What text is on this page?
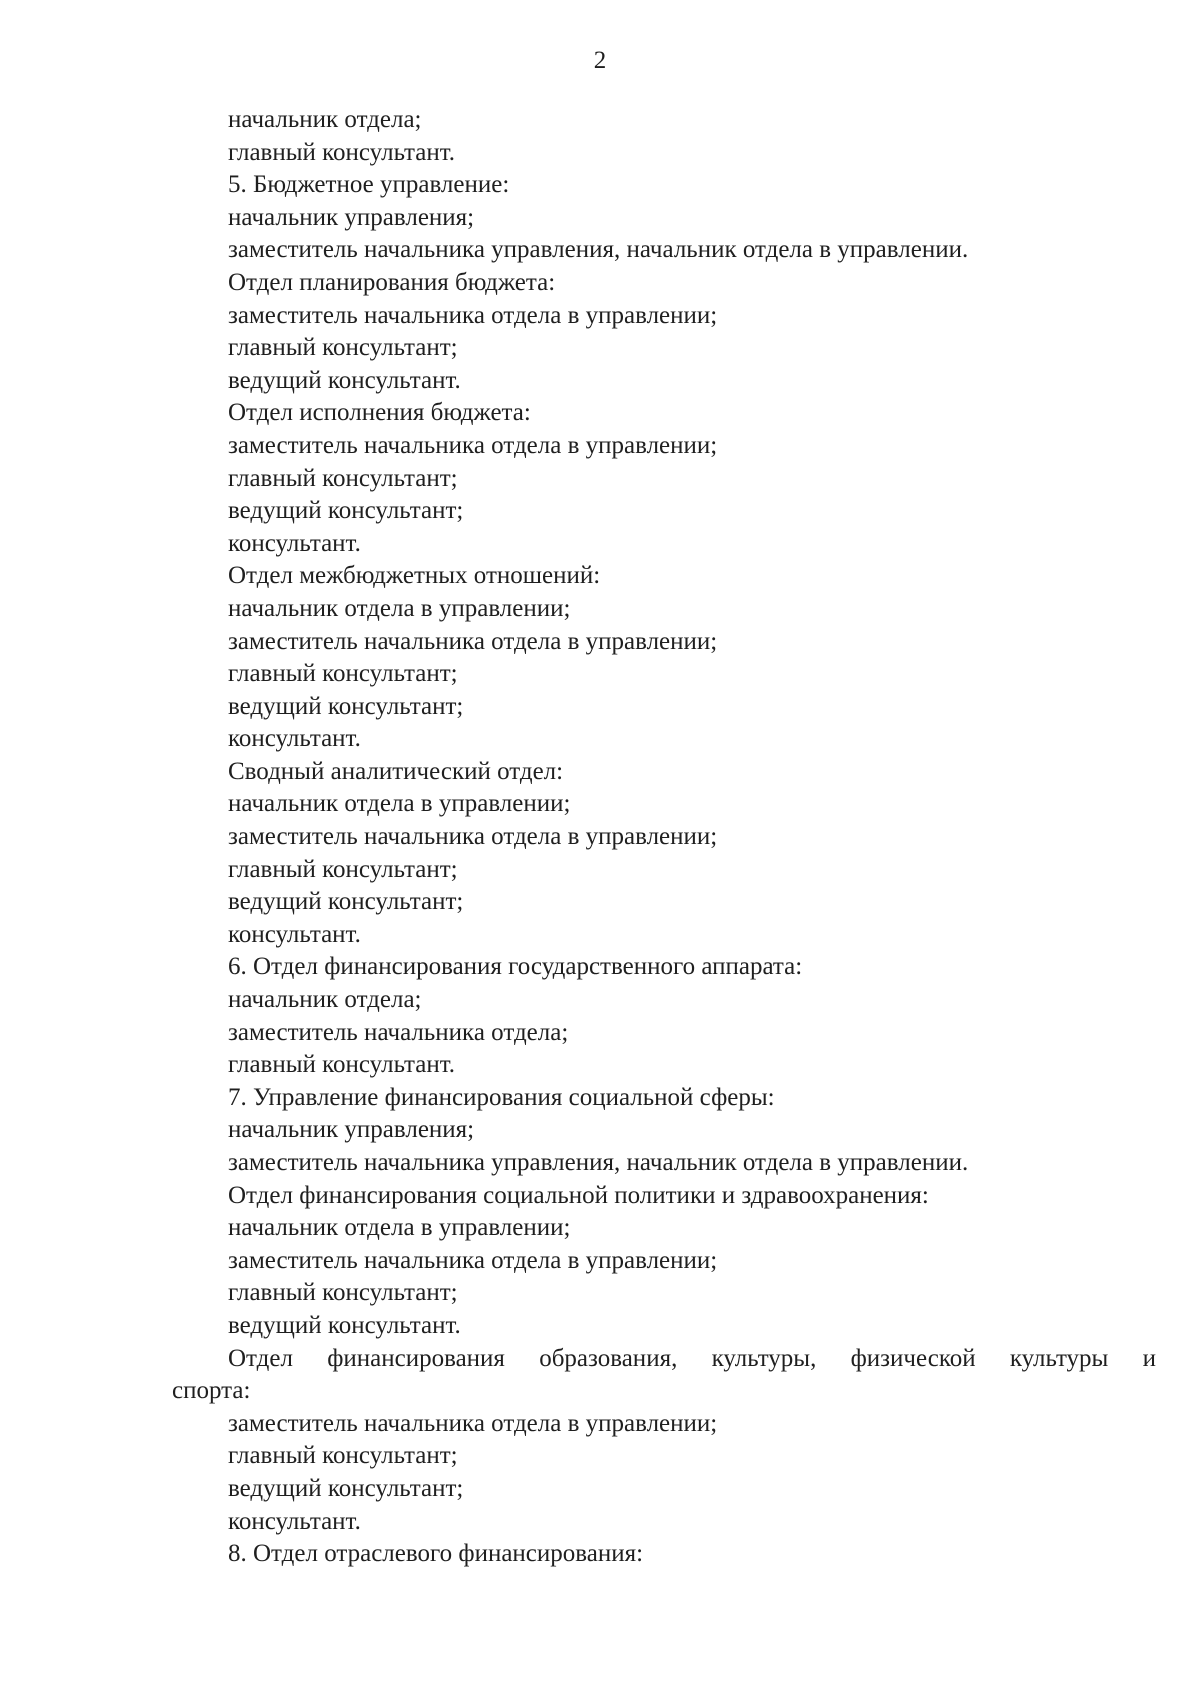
2
начальник отдела;
главный консультант.
5. Бюджетное управление:
начальник управления;
заместитель начальника управления, начальник отдела в управлении.
Отдел планирования бюджета:
заместитель начальника отдела в управлении;
главный консультант;
ведущий консультант.
Отдел исполнения бюджета:
заместитель начальника отдела в управлении;
главный консультант;
ведущий консультант;
консультант.
Отдел межбюджетных отношений:
начальник отдела в управлении;
заместитель начальника отдела в управлении;
главный консультант;
ведущий консультант;
консультант.
Сводный аналитический отдел:
начальник отдела в управлении;
заместитель начальника отдела в управлении;
главный консультант;
ведущий консультант;
консультант.
6. Отдел финансирования государственного аппарата:
начальник отдела;
заместитель начальника отдела;
главный консультант.
7. Управление финансирования социальной сферы:
начальник управления;
заместитель начальника управления, начальник отдела в управлении.
Отдел финансирования социальной политики и здравоохранения:
начальник отдела в управлении;
заместитель начальника отдела в управлении;
главный консультант;
ведущий консультант.
Отдел финансирования образования, культуры, физической культуры и
спорта:
заместитель начальника отдела в управлении;
главный консультант;
ведущий консультант;
консультант.
8. Отдел отраслевого финансирования:
